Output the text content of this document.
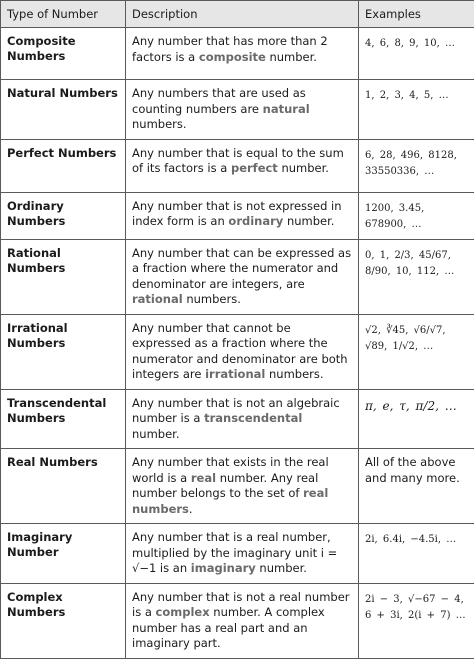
Type of Number	Description	Examples
Composite Numbers	Any number that has more than 2 factors is a composite number.	4, 6, 8, 9, 10, …
Natural Numbers	Any numbers that are used as counting numbers are natural numbers.	1, 2, 3, 4, 5, …
Perfect Numbers	Any number that is equal to the sum of its factors is a perfect number.	6, 28, 496, 8128, 33550336, …
Ordinary Numbers	Any number that is not expressed in index form is an ordinary number.	1200, 3.45, 678900, …
Rational Numbers	Any number that can be expressed as a fraction where the numerator and denominator are integers, are rational numbers.	0, 1, 2/3, 45/67, 8/90, 10, 112, …
Irrational Numbers	Any number that cannot be expressed as a fraction where the numerator and denominator are both integers are irrational numbers.	√2, ∛45, √6/√7, √89, 1/√2, …
Transcendental Numbers	Any number that is not an algebraic number is a transcendental number.	π, e, τ, π/2, …
Real Numbers	Any number that exists in the real world is a real number. Any real number belongs to the set of real numbers.	All of the above and many more.
Imaginary Number	Any number that is a real number, multiplied by the imaginary unit i = √−1 is an imaginary number.	2i, 6.4i, −4.5i, …
Complex Numbers	Any number that is not a real number is a complex number. A complex number has a real part and an imaginary part.	2i − 3, √−67 − 4, 6 + 3i, 2(i + 7) …
